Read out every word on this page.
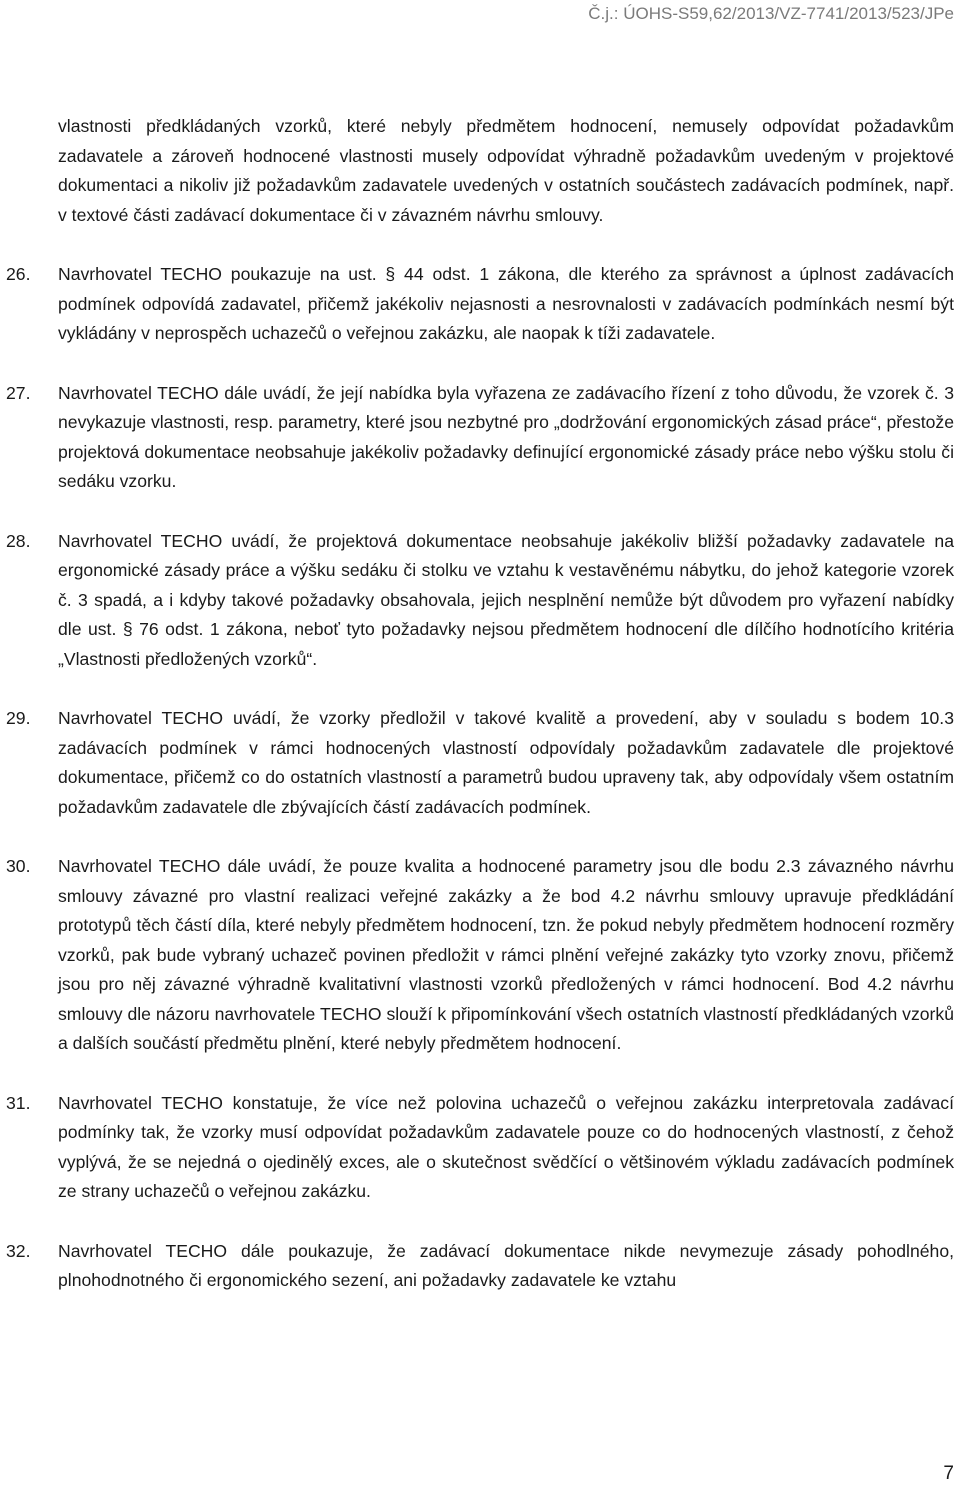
Č.j.: ÚOHS-S59,62/2013/VZ-7741/2013/523/JPe

vlastnosti předkládaných vzorků, které nebyly předmětem hodnocení, nemusely odpovídat požadavkům zadavatele a zároveň hodnocené vlastnosti musely odpovídat výhradně požadavkům uvedeným v projektové dokumentaci a nikoliv již požadavkům zadavatele uvedených v ostatních součástech zadávacích podmínek, např. v textové části zadávací dokumentace či v závazném návrhu smlouvy.

26. Navrhovatel TECHO poukazuje na ust. § 44 odst. 1 zákona, dle kterého za správnost a úplnost zadávacích podmínek odpovídá zadavatel, přičemž jakékoliv nejasnosti a nesrovnalosti v zadávacích podmínkách nesmí být vykládány v neprospěch uchazečů o veřejnou zakázku, ale naopak k tíži zadavatele.
27. Navrhovatel TECHO dále uvádí, že její nabídka byla vyřazena ze zadávacího řízení z toho důvodu, že vzorek č. 3 nevykazuje vlastnosti, resp. parametry, které jsou nezbytné pro „dodržování ergonomických zásad práce“, přestože projektová dokumentace neobsahuje jakékoliv požadavky definující ergonomické zásady práce nebo výšku stolu či sedáku vzorku.
28. Navrhovatel TECHO uvádí, že projektová dokumentace neobsahuje jakékoliv bližší požadavky zadavatele na ergonomické zásady práce a výšku sedáku či stolku ve vztahu k vestavěnému nábytku, do jehož kategorie vzorek č. 3 spadá, a i kdyby takové požadavky obsahovala, jejich nesplnění nemůže být důvodem pro vyřazení nabídky dle ust. § 76 odst. 1 zákona, neboť tyto požadavky nejsou předmětem hodnocení dle dílčího hodnotícího kritéria „Vlastnosti předložených vzorků“.
29. Navrhovatel TECHO uvádí, že vzorky předložil v takové kvalitě a provedení, aby v souladu s bodem 10.3 zadávacích podmínek v rámci hodnocených vlastností odpovídaly požadavkům zadavatele dle projektové dokumentace, přičemž co do ostatních vlastností a parametrů budou upraveny tak, aby odpovídaly všem ostatním požadavkům zadavatele dle zbývajících částí zadávacích podmínek.
30. Navrhovatel TECHO dále uvádí, že pouze kvalita a hodnocené parametry jsou dle bodu 2.3 závazného návrhu smlouvy závazné pro vlastní realizaci veřejné zakázky a že bod 4.2 návrhu smlouvy upravuje předkládání prototypů těch částí díla, které nebyly předmětem hodnocení, tzn. že pokud nebyly předmětem hodnocení rozměry vzorků, pak bude vybraný uchazeč povinen předložit v rámci plnění veřejné zakázky tyto vzorky znovu, přičemž jsou pro něj závazné výhradně kvalitativní vlastnosti vzorků předložených v rámci hodnocení. Bod 4.2 návrhu smlouvy dle názoru navrhovatele TECHO slouží k připomínkování všech ostatních vlastností předkládaných vzorků a dalších součástí předmětu plnění, které nebyly předmětem hodnocení.
31. Navrhovatel TECHO konstatuje, že více než polovina uchazečů o veřejnou zakázku interpretovala zadávací podmínky tak, že vzorky musí odpovídat požadavkům zadavatele pouze co do hodnocených vlastností, z čehož vyplývá, že se nejedná o ojedinělý exces, ale o skutečnost svědčící o většinovém výkladu zadávacích podmínek ze strany uchazečů o veřejnou zakázku.
32. Navrhovatel TECHO dále poukazuje, že zadávací dokumentace nikde nevymezuje zásady pohodlného, plnohodnotného či ergonomického sezení, ani požadavky zadavatele ke vztahu
7
